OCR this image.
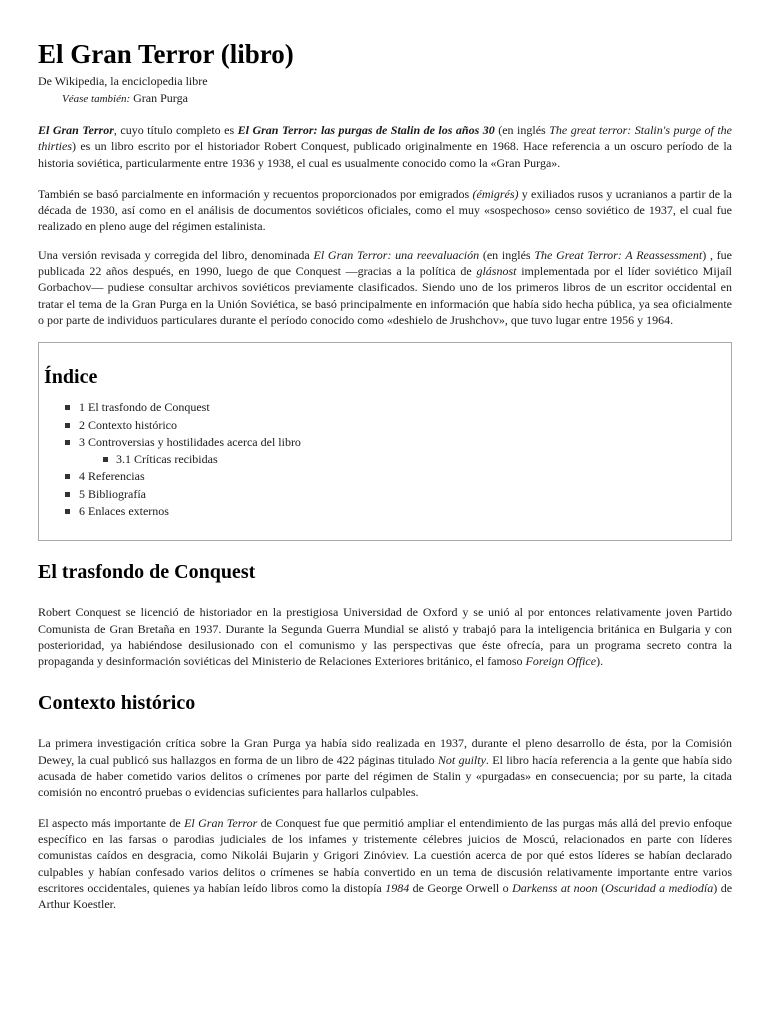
El Gran Terror (libro)
De Wikipedia, la enciclopedia libre
Véase también: Gran Purga

El Gran Terror, cuyo título completo es El Gran Terror: las purgas de Stalin de los años 30 (en inglés The great terror: Stalin's purge of the thirties) es un libro escrito por el historiador Robert Conquest, publicado originalmente en 1968. Hace referencia a un oscuro período de la historia soviética, particularmente entre 1936 y 1938, el cual es usualmente conocido como la «Gran Purga».

También se basó parcialmente en información y recuentos proporcionados por emigrados (émigrés) y exiliados rusos y ucranianos a partir de la década de 1930, así como en el análisis de documentos soviéticos oficiales, como el muy «sospechoso» censo soviético de 1937, el cual fue realizado en pleno auge del régimen estalinista.

Una versión revisada y corregida del libro, denominada El Gran Terror: una reevaluación (en inglés The Great Terror: A Reassessment) , fue publicada 22 años después, en 1990, luego de que Conquest —gracias a la política de glásnost implementada por el líder soviético Mijaíl Gorbachov— pudiese consultar archivos soviéticos previamente clasificados. Siendo uno de los primeros libros de un escritor occidental en tratar el tema de la Gran Purga en la Unión Soviética, se basó principalmente en información que había sido hecha pública, ya sea oficialmente o por parte de individuos particulares durante el período conocido como «deshielo de Jrushchov», que tuvo lugar entre 1956 y 1964.

Índice
1 El trasfondo de Conquest
2 Contexto histórico
3 Controversias y hostilidades acerca del libro
3.1 Críticas recibidas
4 Referencias
5 Bibliografía
6 Enlaces externos
El trasfondo de Conquest

Robert Conquest se licenció de historiador en la prestigiosa Universidad de Oxford y se unió al por entonces relativamente joven Partido Comunista de Gran Bretaña en 1937. Durante la Segunda Guerra Mundial se alistó y trabajó para la inteligencia británica en Bulgaria y con posterioridad, ya habiéndose desilusionado con el comunismo y las perspectivas que éste ofrecía, para un programa secreto contra la propaganda y desinformación soviéticas del Ministerio de Relaciones Exteriores británico, el famoso Foreign Office).

Contexto histórico

La primera investigación crítica sobre la Gran Purga ya había sido realizada en 1937, durante el pleno desarrollo de ésta, por la Comisión Dewey, la cual publicó sus hallazgos en forma de un libro de 422 páginas titulado Not guilty. El libro hacía referencia a la gente que había sido acusada de haber cometido varios delitos o crímenes por parte del régimen de Stalin y «purgadas» en consecuencia; por su parte, la citada comisión no encontró pruebas o evidencias suficientes para hallarlos culpables.

El aspecto más importante de El Gran Terror de Conquest fue que permitió ampliar el entendimiento de las purgas más allá del previo enfoque específico en las farsas o parodias judiciales de los infames y tristemente célebres juicios de Moscú, relacionados en parte con líderes comunistas caídos en desgracia, como Nikolái Bujarin y Grigori Zinóviev. La cuestión acerca de por qué estos líderes se habían declarado culpables y habían confesado varios delitos o crímenes se había convertido en un tema de discusión relativamente importante entre varios escritores occidentales, quienes ya habían leído libros como la distopía 1984 de George Orwell o Darkenss at noon (Oscuridad a mediodía) de Arthur Koestler.
